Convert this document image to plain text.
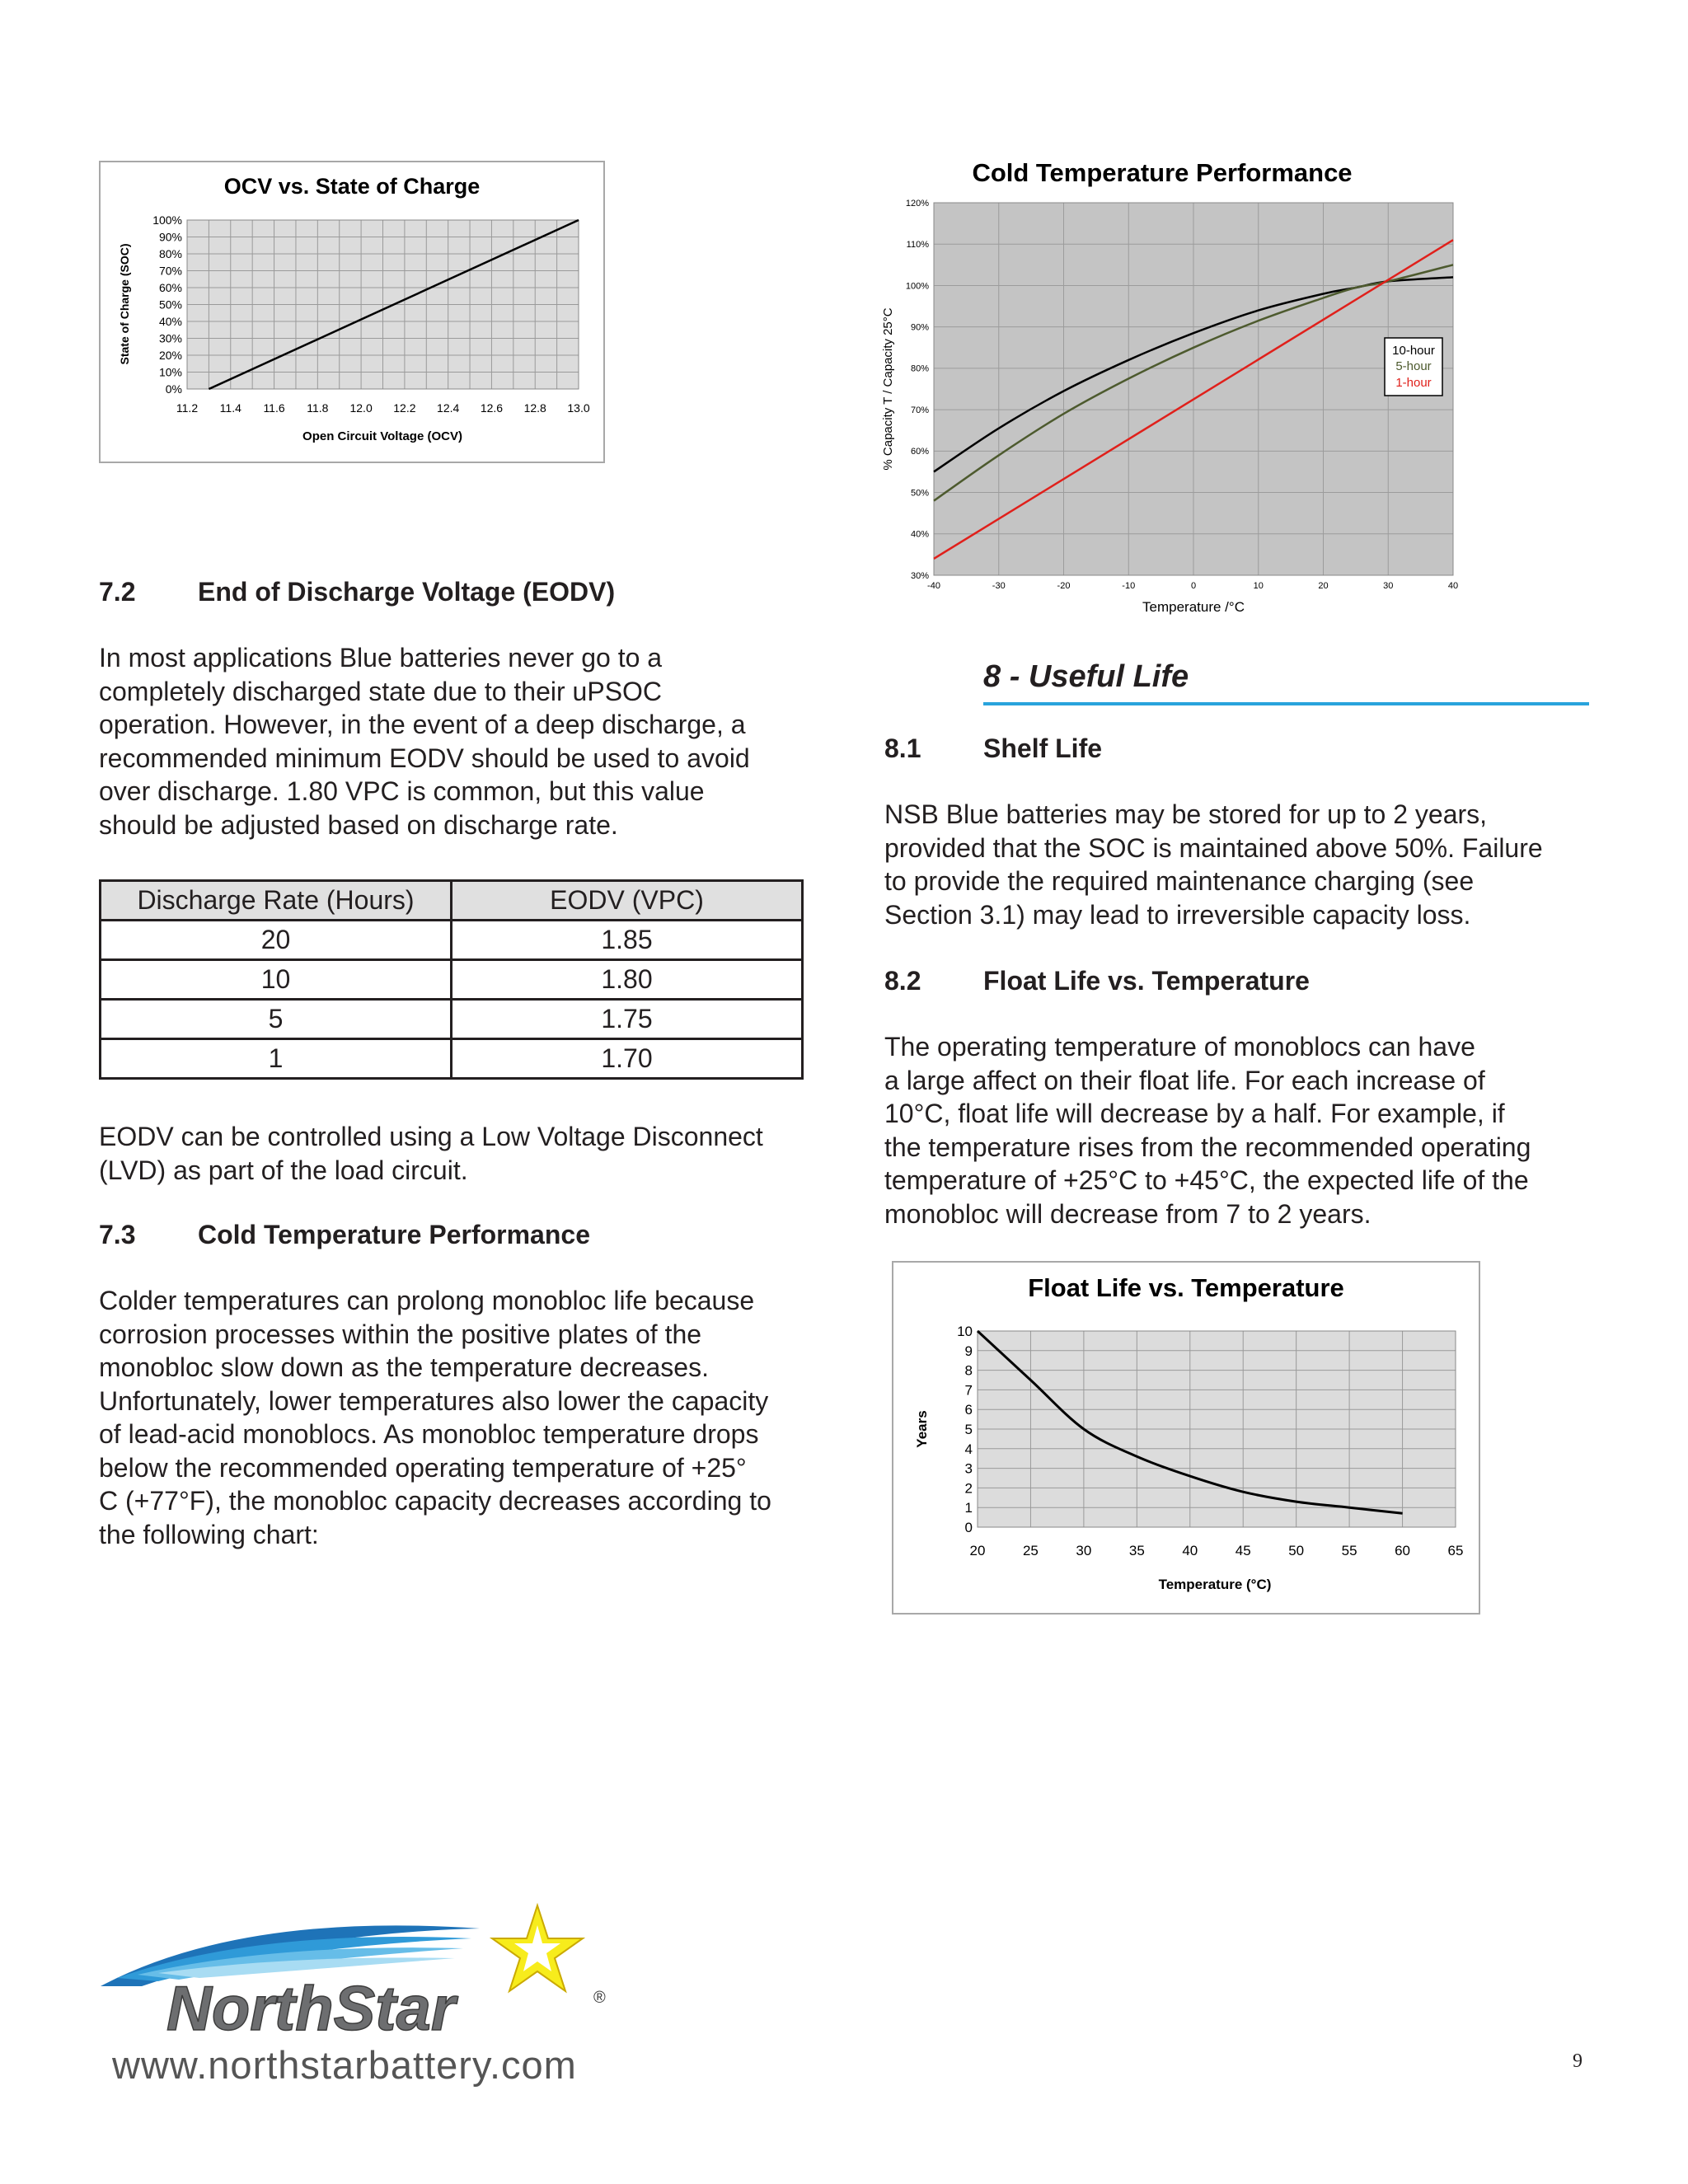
OCV vs. State of Charge
0%
10%
20%
30%
40%
50%
60%
70%
80%
90%
100%
11.2 11.4 11.6 11.8 12.0 12.2 12.4 12.6 12.8 13.0
Open Circuit Voltage (OCV)
State of Charge (SOC)
Cold Temperature Performance
30%
40%
50%
60%
70%
80%
90%
100%
110%
120%
-40	-30	-20	-10	0	10	20	30	40
10-hour
5-hour
1-hour
Temperature /°C
% Capacity T / Capacity 25°C
7.2 End of Discharge Voltage (EODV)
In most applications Blue batteries never go to a
completely discharged state due to their uPSOC
operation. However, in the event of a deep discharge, a
recommended minimum EODV should be used to avoid
over discharge. 1.80 VPC is common, but this value
should be adjusted based on discharge rate.
Discharge Rate (Hours)	EODV (VPC)
20	1.85
10	1.80
5	1.75
1	1.70
EODV can be controlled using a Low Voltage Disconnect
(LVD) as part of the load circuit.
7.3 Cold Temperature Performance
Colder temperatures can prolong monobloc life because
corrosion processes within the positive plates of the
monobloc slow down as the temperature decreases.
Unfortunately, lower temperatures also lower the capacity
of lead-acid monoblocs. As monobloc temperature drops
below the recommended operating temperature of +25°
C (+77°F), the monobloc capacity decreases according to
the following chart:
8 - Useful Life
8.1 Shelf Life
NSB Blue batteries may be stored for up to 2 years,
provided that the SOC is maintained above 50%. Failure
to provide the required maintenance charging (see
Section 3.1) may lead to irreversible capacity loss.
8.2 Float Life vs. Temperature
The operating temperature of monoblocs can have
a large affect on their float life. For each increase of
10°C, float life will decrease by a half. For example, if
the temperature rises from the recommended operating
temperature of +25°C to +45°C, the expected life of the
monobloc will decrease from 7 to 2 years.
Float Life vs. Temperature
0
1
2
3
4
5
6
7
8
9
10
20	25	30	35	40	45	50	55	60	65
Temperature (°C)
Years
NorthStar	®
www.northstarbattery.com	9
